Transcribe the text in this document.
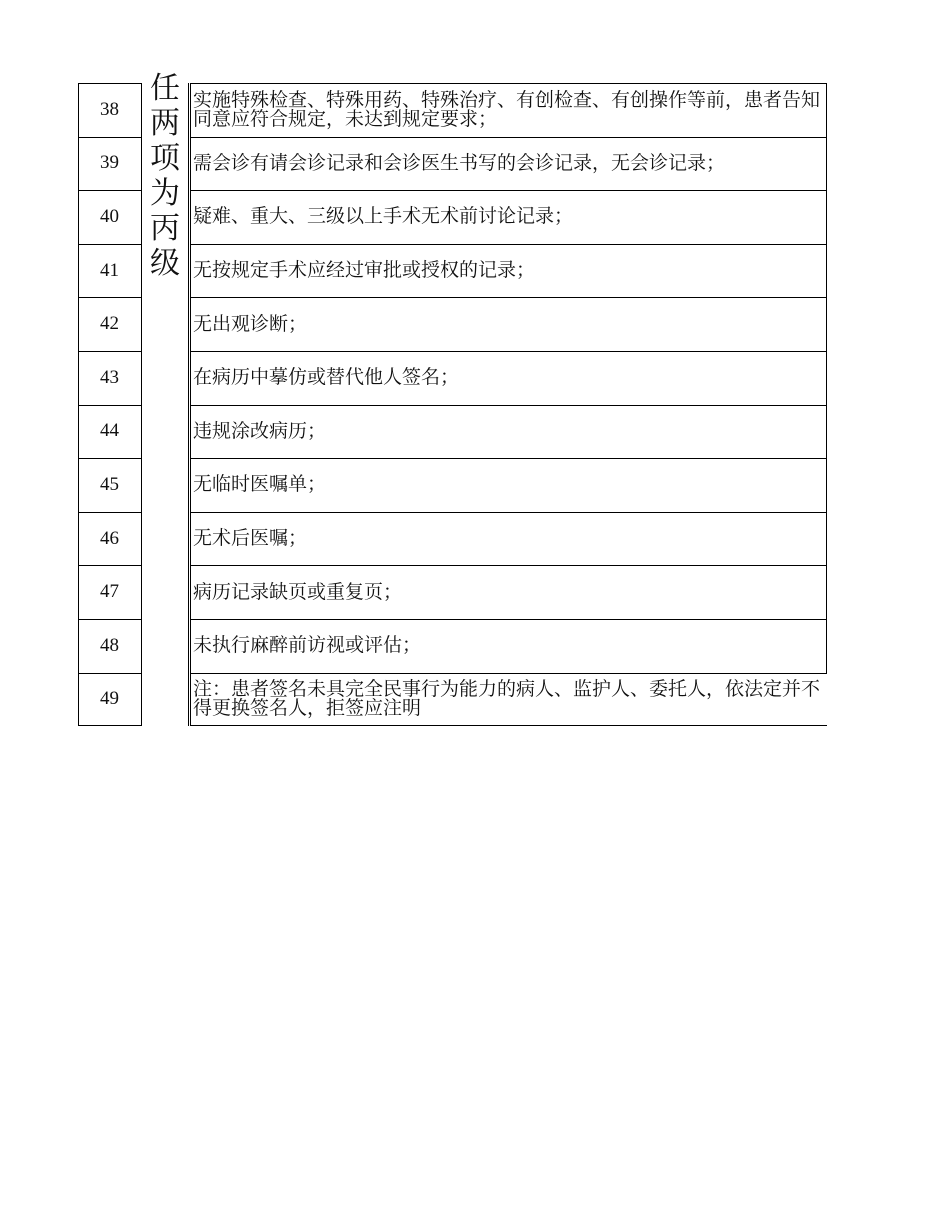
任两项为丙级
38	实施特殊检查、特殊用药、特殊治疗、有创检查、有创操作等前，患者告知同意应符合规定，未达到规定要求；
39	需会诊有请会诊记录和会诊医生书写的会诊记录，无会诊记录；
40	疑难、重大、三级以上手术无术前讨论记录；
41	无按规定手术应经过审批或授权的记录；
42	无出观诊断；
43	在病历中摹仿或替代他人签名；
44	违规涂改病历；
45	无临时医嘱单；
46	无术后医嘱；
47	病历记录缺页或重复页；
48	未执行麻醉前访视或评估；
49	注：患者签名未具完全民事行为能力的病人、监护人、委托人，依法定并不得更换签名人，拒签应注明
